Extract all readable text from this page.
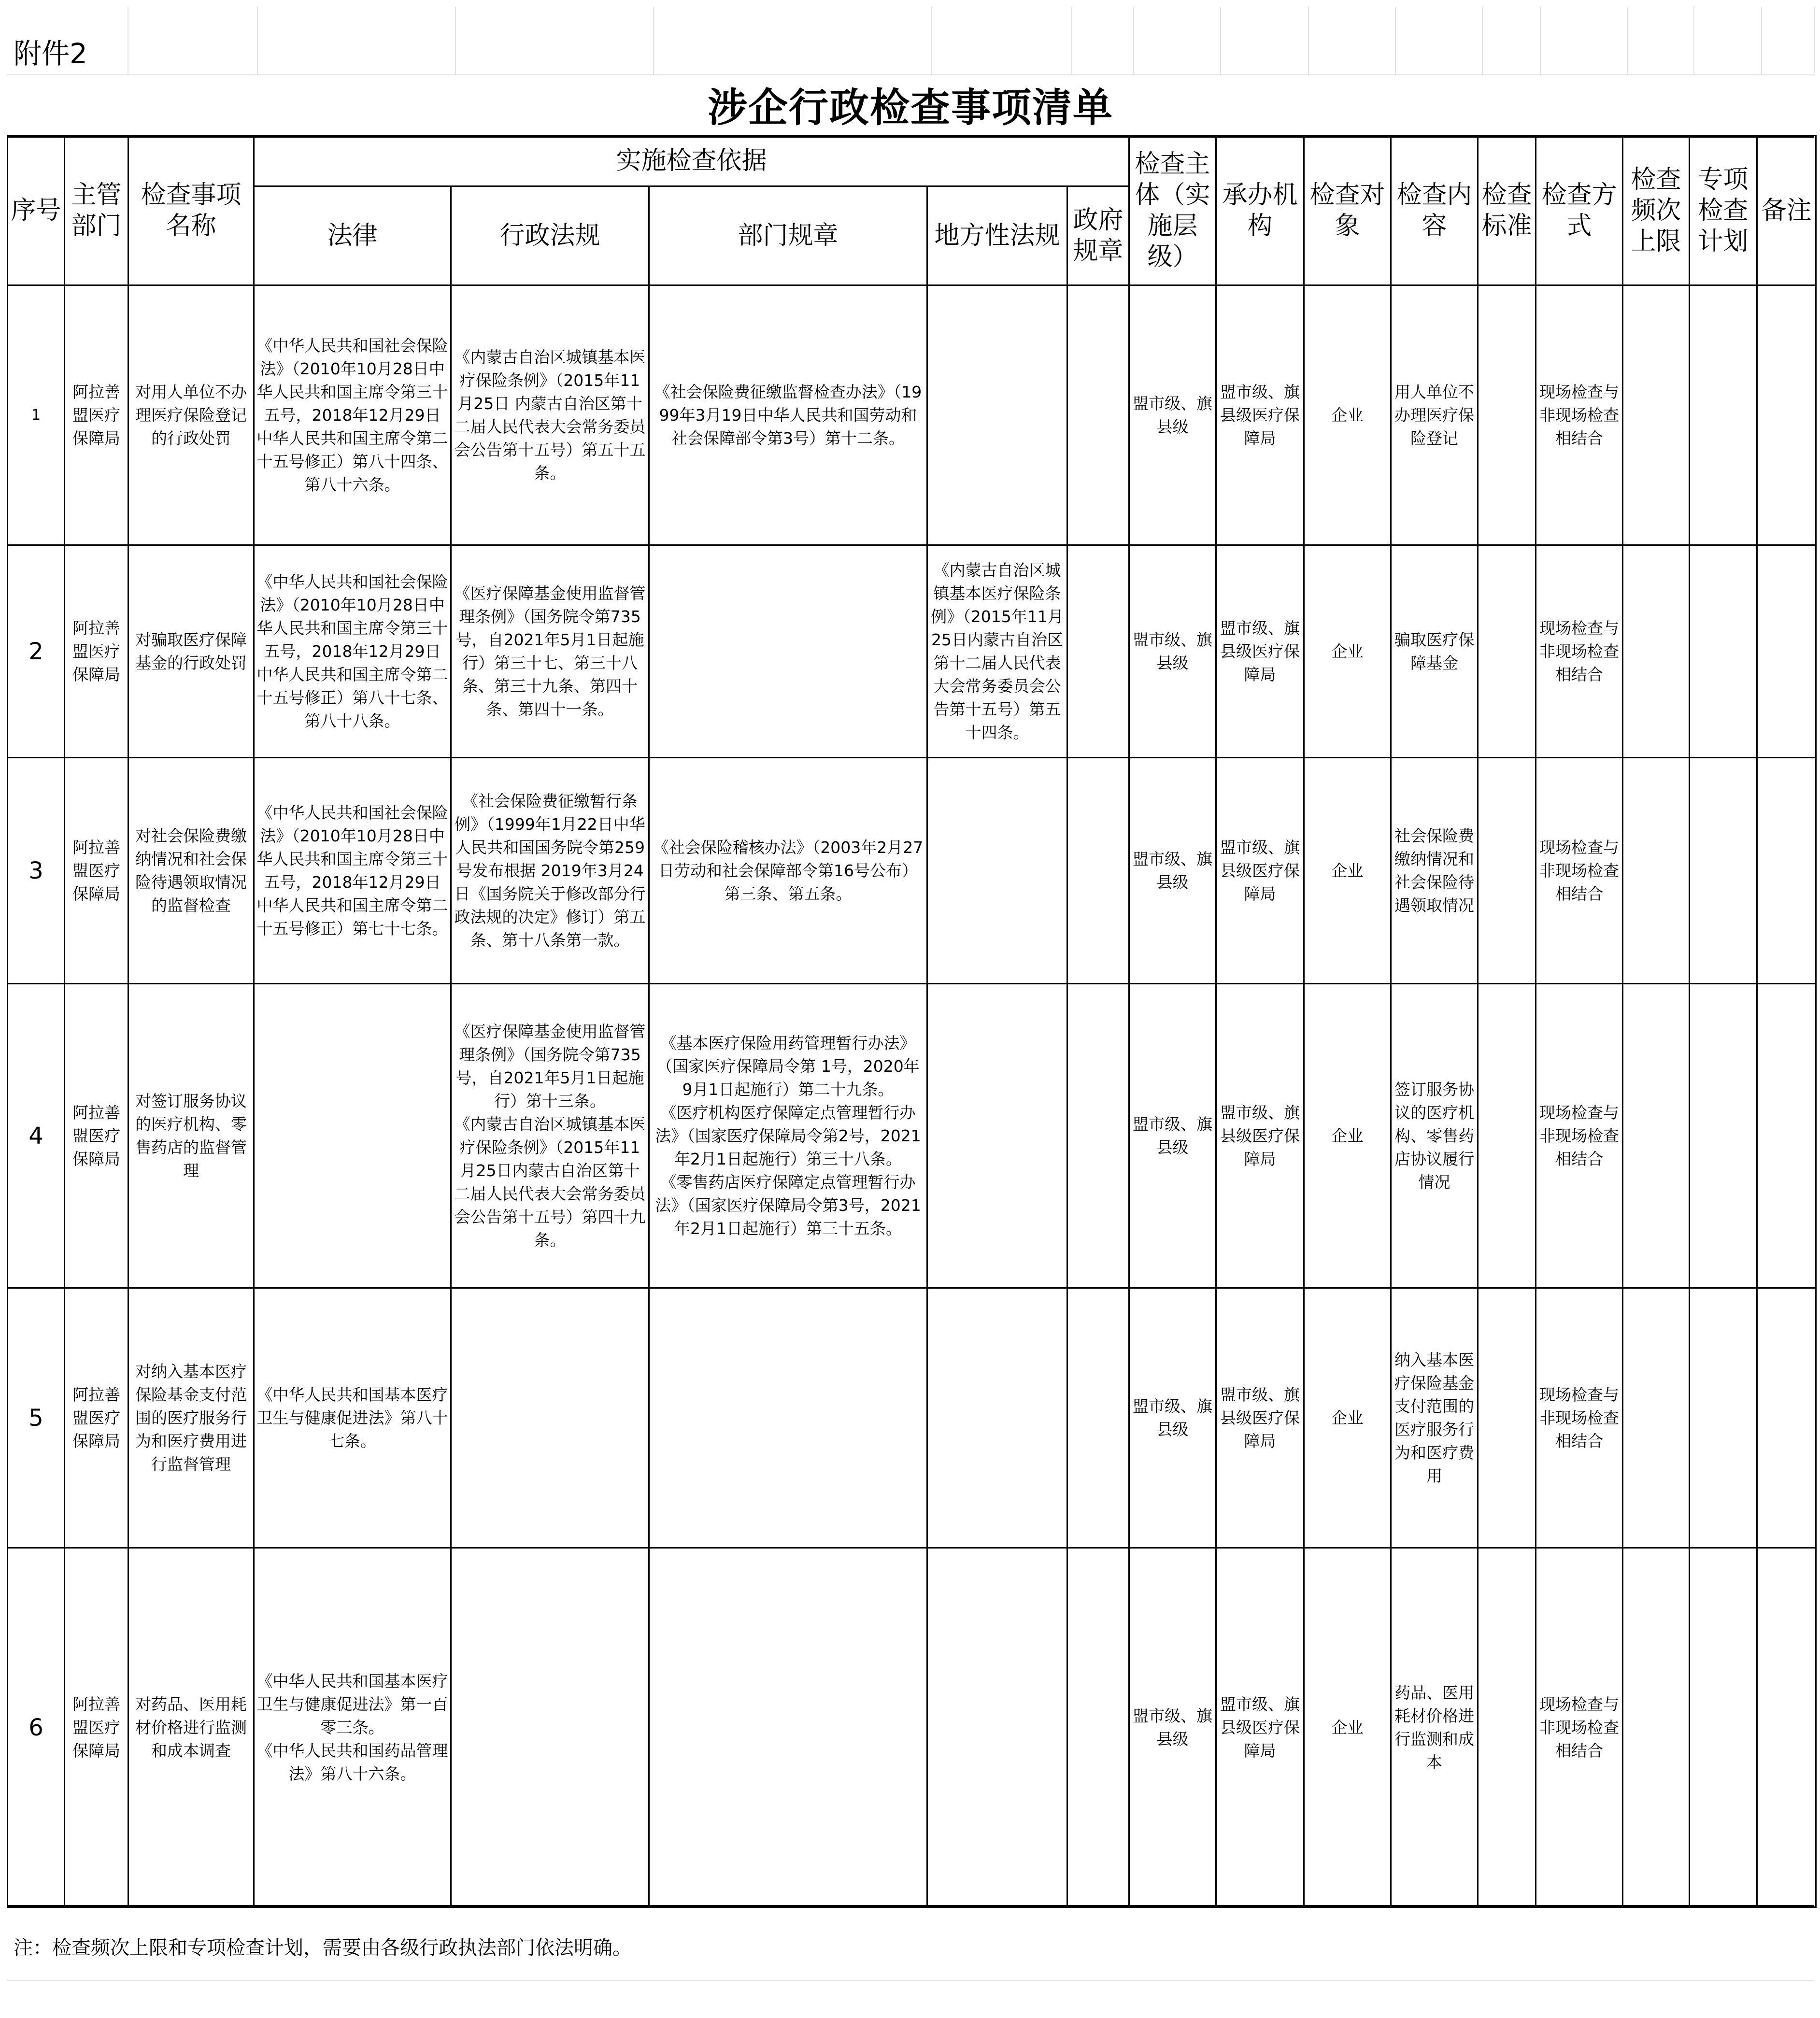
附件2
涉企行政检查事项清单
序号	主管部门	检查事项名称	实施检查依据					检查主体（实施层级）	承办机构	检查对象	检查内容	检查标准	检查方式	检查频次上限	专项检查计划	备注
			法律	行政法规	部门规章	地方性法规	政府规章									
1	阿拉善盟医疗保障局	对用人单位不办理医疗保险登记的行政处罚	《中华人民共和国社会保险法》（2010年10月28日中华人民共和国主席令第三十五号，2018年12月29日中华人民共和国主席令第二十五号修正）第八十四条、第八十六条。	《内蒙古自治区城镇基本医疗保险条例》（2015年11月25日 内蒙古自治区第十二届人民代表大会常务委员会公告第十五号）第五十五条。	《社会保险费征缴监督检查办法》（1999年3月19日中华人民共和国劳动和社会保障部令第3号）第十二条。			盟市级、旗县级	盟市级、旗县级医疗保障局	企业	用人单位不办理医疗保险登记		现场检查与非现场检查相结合			
2	阿拉善盟医疗保障局	对骗取医疗保障基金的行政处罚	《中华人民共和国社会保险法》（2010年10月28日中华人民共和国主席令第三十五号，2018年12月29日中华人民共和国主席令第二十五号修正）第八十七条、第八十八条。	《医疗保障基金使用监督管理条例》（国务院令第735号，自2021年5月1日起施行）第三十七、第三十八条、第三十九条、第四十条、第四十一条。		《内蒙古自治区城镇基本医疗保险条例》（2015年11月25日内蒙古自治区第十二届人民代表大会常务委员会公告第十五号）第五十四条。		盟市级、旗县级	盟市级、旗县级医疗保障局	企业	骗取医疗保障基金		现场检查与非现场检查相结合			
3	阿拉善盟医疗保障局	对社会保险费缴纳情况和社会保险待遇领取情况的监督检查	《中华人民共和国社会保险法》（2010年10月28日中华人民共和国主席令第三十五号，2018年12月29日中华人民共和国主席令第二十五号修正）第七十七条。	《社会保险费征缴暂行条例》（1999年1月22日中华人民共和国国务院令第259号发布根据 2019年3月24日《国务院关于修改部分行政法规的决定》修订）第五条、第十八条第一款。	《社会保险稽核办法》（2003年2月27日劳动和社会保障部令第16号公布）第三条、第五条。			盟市级、旗县级	盟市级、旗县级医疗保障局	企业	社会保险费缴纳情况和社会保险待遇领取情况		现场检查与非现场检查相结合			
4	阿拉善盟医疗保障局	对签订服务协议的医疗机构、零售药店的监督管理		《医疗保障基金使用监督管理条例》（国务院令第735号，自2021年5月1日起施行）第十三条。
《内蒙古自治区城镇基本医疗保险条例》（2015年11月25日内蒙古自治区第十二届人民代表大会常务委员会公告第十五号）第四十九条。	《基本医疗保险用药管理暂行办法》（国家医疗保障局令第 1号，2020年9月1日起施行）第二十九条。
《医疗机构医疗保障定点管理暂行办法》（国家医疗保障局令第2号，2021年2月1日起施行）第三十八条。
《零售药店医疗保障定点管理暂行办法》（国家医疗保障局令第3号，2021年2月1日起施行）第三十五条。			盟市级、旗县级	盟市级、旗县级医疗保障局	企业	签订服务协议的医疗机构、零售药店协议履行情况		现场检查与非现场检查相结合			
5	阿拉善盟医疗保障局	对纳入基本医疗保险基金支付范围的医疗服务行为和医疗费用进行监督管理	《中华人民共和国基本医疗卫生与健康促进法》第八十七条。					盟市级、旗县级	盟市级、旗县级医疗保障局	企业	纳入基本医疗保险基金支付范围的医疗服务行为和医疗费用		现场检查与非现场检查相结合			
6	阿拉善盟医疗保障局	对药品、医用耗材价格进行监测和成本调查	《中华人民共和国基本医疗卫生与健康促进法》第一百零三条。
《中华人民共和国药品管理法》第八十六条。					盟市级、旗县级	盟市级、旗县级医疗保障局	企业	药品、医用耗材价格进行监测和成本		现场检查与非现场检查相结合			
注：检查频次上限和专项检查计划，需要由各级行政执法部门依法明确。
